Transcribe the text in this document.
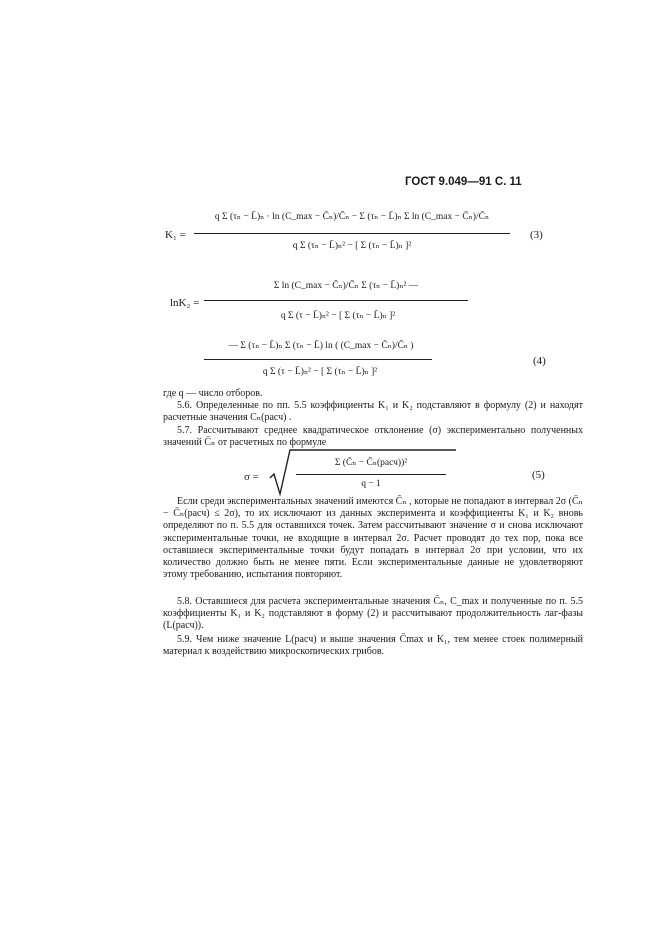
ГОСТ 9.049—91 С. 11
K₁ =
q Σ (τₙ − L̄)ₙ · ln (C_max − C̄ₙ)/C̄ₙ − Σ (τₙ − L̄)ₙ Σ ln (C_max − C̄ₙ)/C̄ₙ
q Σ (τₙ − L̄)ₙ² − [ Σ (τₙ − L̄)ₙ ]²
(3)
lnK₂ =
Σ ln (C_max − C̄ₙ)/C̄ₙ Σ (τₙ − L̄)ₙ² —
q Σ (τ − L̄)ₙ² − [ Σ (τₙ − L̄)ₙ ]²
— Σ (τₙ − L̄)ₙ Σ (τₙ − L̄) ln ( (C_max − C̄ₙ)/C̄ₙ )
q Σ (τ − L̄)ₙ² − [ Σ (τₙ − L̄)ₙ ]²
(4)
где q — число отборов.

5.6. Определенные по пп. 5.5 коэффициенты K₁ и K₂ подставляют в формулу (2) и находят расчетные значения Cₙ(расч) .

5.7. Рассчитывают среднее квадратическое отклонение (σ) экспериментально полученных значений C̄ₙ от расчетных по формуле

σ =
Σ (C̄ₙ − C̄ₙ(расч))²
q − 1
(5)

Если среди экспериментальных значений имеются C̄ₙ , которые не попадают в интервал 2σ (C̄ₙ − C̄ₙ(расч) ≤ 2σ), то их исключают из данных эксперимента и коэффициенты K₁ и K₂ вновь определяют по п. 5.5 для оставшихся точек. Затем рассчитывают значение σ и снова исключают экспериментальные точки, не входящие в интервал 2σ. Расчет проводят до тех пор, пока все оставшиеся экспериментальные точки будут попадать в интервал 2σ при условии, что их количество должно быть не менее пяти. Если экспериментальные данные не удовлетворяют этому требованию, испытания повторяют.

5.8. Оставшиеся для расчета экспериментальные значения C̄ₙ, C_max и полученные по п. 5.5 коэффициенты K₁ и K₂ подставляют в форму (2) и рассчитывают продолжительность лаг-фазы (L(расч)).

5.9. Чем ниже значение L(расч) и выше значения C̄max и K₁, тем менее стоек полимерный материал к воздействию микроскопических грибов.
